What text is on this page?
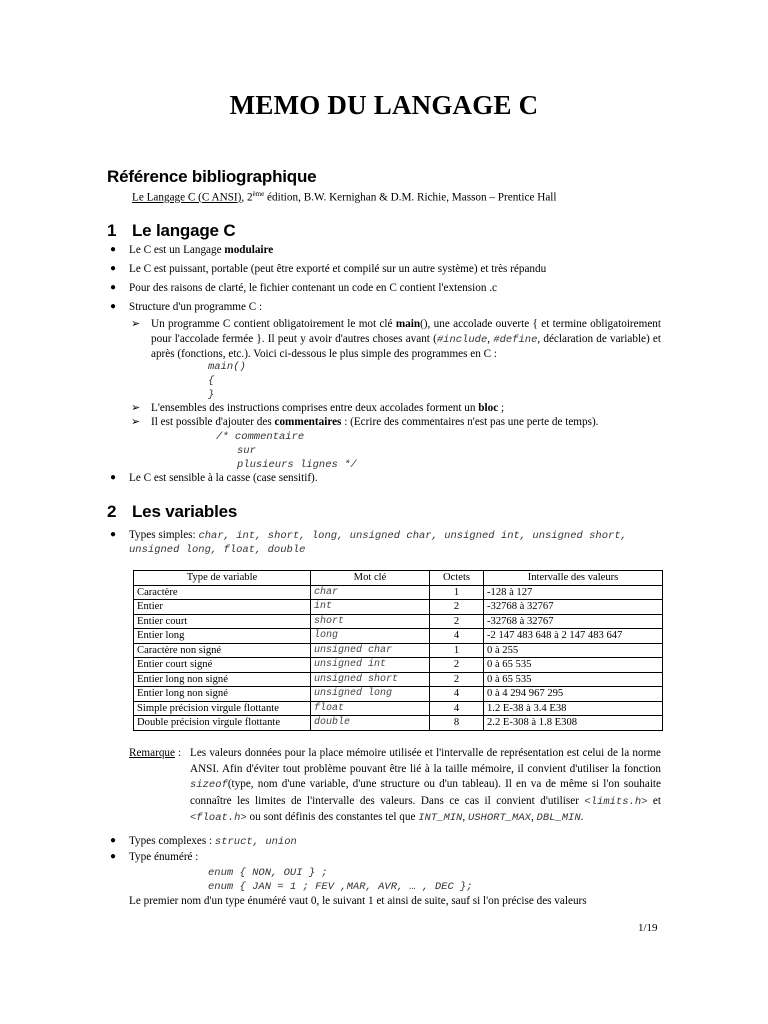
MEMO DU LANGAGE C
Référence bibliographique
Le Langage C (C ANSI), 2ème édition, B.W. Kernighan & D.M. Richie, Masson – Prentice Hall
1 Le langage C
● Le C est un Langage modulaire
● Le C est puissant, portable (peut être exporté et compilé sur un autre système) et très répandu
● Pour des raisons de clarté, le fichier contenant un code en C contient l'extension .c
● Structure d'un programme C :
➢ Un programme C contient obligatoirement le mot clé main(), une accolade ouverte { et termine obligatoirement pour l'accolade fermée }. Il peut y avoir d'autres choses avant (#include, #define, déclaration de variable) et après (fonctions, etc.). Voici ci-dessous le plus simple des programmes en C :
main()
{
}
➢ L'ensembles des instructions comprises entre deux accolades forment un bloc ;
➢ Il est possible d'ajouter des commentaires : (Ecrire des commentaires n'est pas une perte de temps).
/* commentaire
sur
plusieurs lignes */
● Le C est sensible à la casse (case sensitif).
2 Les variables
● Types simples: char, int, short, long, unsigned char, unsigned int, unsigned short,
unsigned long, float, double
Type de variable	Mot clé	Octets	Intervalle des valeurs
Caractère	char	1	-128 à 127
Entier	int	2	-32768 à 32767
Entier court	short	2	-32768 à 32767
Entier long	long	4	-2 147 483 648 à 2 147 483 647
Caractère non signé	unsigned char	1	0 à 255
Entier court signé	unsigned int	2	0 à 65 535
Entier long non signé	unsigned short	2	0 à 65 535
Entier long non signé	unsigned long	4	0 à 4 294 967 295
Simple précision virgule flottante	float	4	1.2 E-38 à 3.4 E38
Double précision virgule flottante	double	8	2.2 E-308 à 1.8 E308
Remarque : Les valeurs données pour la place mémoire utilisée et l'intervalle de représentation est celui de la norme ANSI. Afin d'éviter tout problème pouvant être lié à la taille mémoire, il convient d'utiliser la fonction sizeof(type, nom d'une variable, d'une structure ou d'un tableau). Il en va de même si l'on souhaite connaître les limites de l'intervalle des valeurs. Dans ce cas il convient d'utiliser <limits.h> et <float.h> ou sont définis des constantes tel que INT_MIN, USHORT_MAX, DBL_MIN.
● Types complexes : struct, union
● Type énuméré :
enum { NON, OUI } ;
enum { JAN = 1 ; FEV ,MAR, AVR, … , DEC };
Le premier nom d'un type énuméré vaut 0, le suivant 1 et ainsi de suite, sauf si l'on précise des valeurs
1/19
